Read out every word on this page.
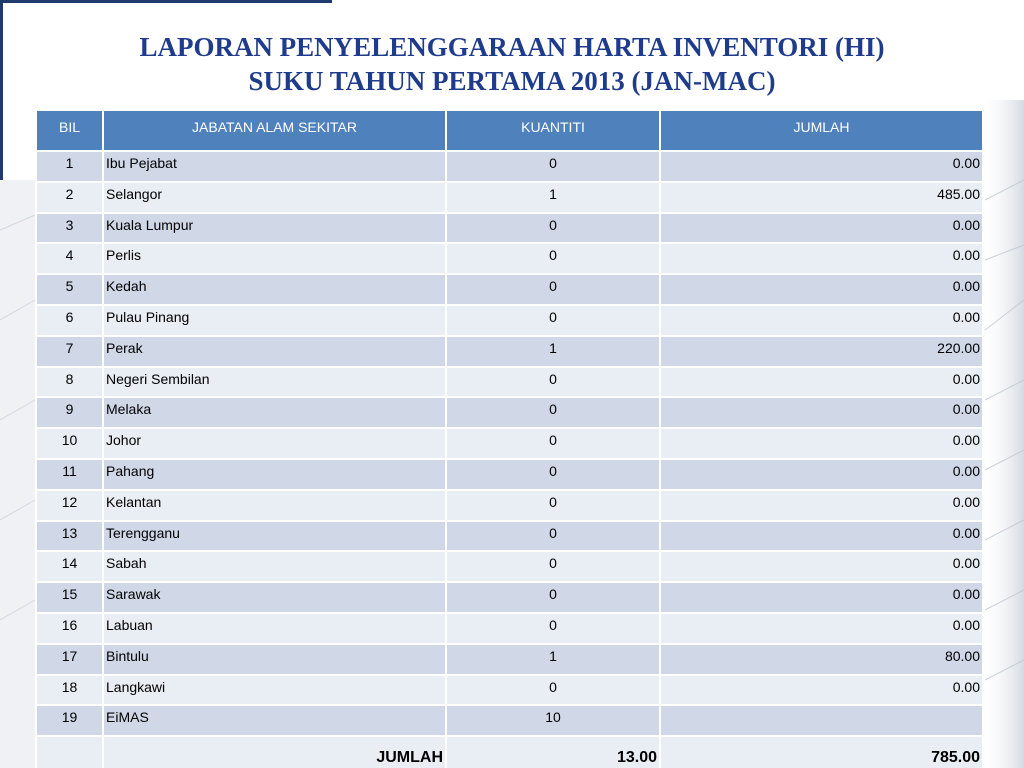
LAPORAN PENYELENGGARAAN HARTA INVENTORI (HI)
SUKU TAHUN PERTAMA 2013 (JAN-MAC)
BIL	JABATAN ALAM SEKITAR	KUANTITI	JUMLAH
1	Ibu Pejabat	0	0.00
2	Selangor	1	485.00
3	Kuala Lumpur	0	0.00
4	Perlis	0	0.00
5	Kedah	0	0.00
6	Pulau Pinang	0	0.00
7	Perak	1	220.00
8	Negeri Sembilan	0	0.00
9	Melaka	0	0.00
10	Johor	0	0.00
11	Pahang	0	0.00
12	Kelantan	0	0.00
13	Terengganu	0	0.00
14	Sabah	0	0.00
15	Sarawak	0	0.00
16	Labuan	0	0.00
17	Bintulu	1	80.00
18	Langkawi	0	0.00
19	EiMAS	10	
	JUMLAH	13.00	785.00
